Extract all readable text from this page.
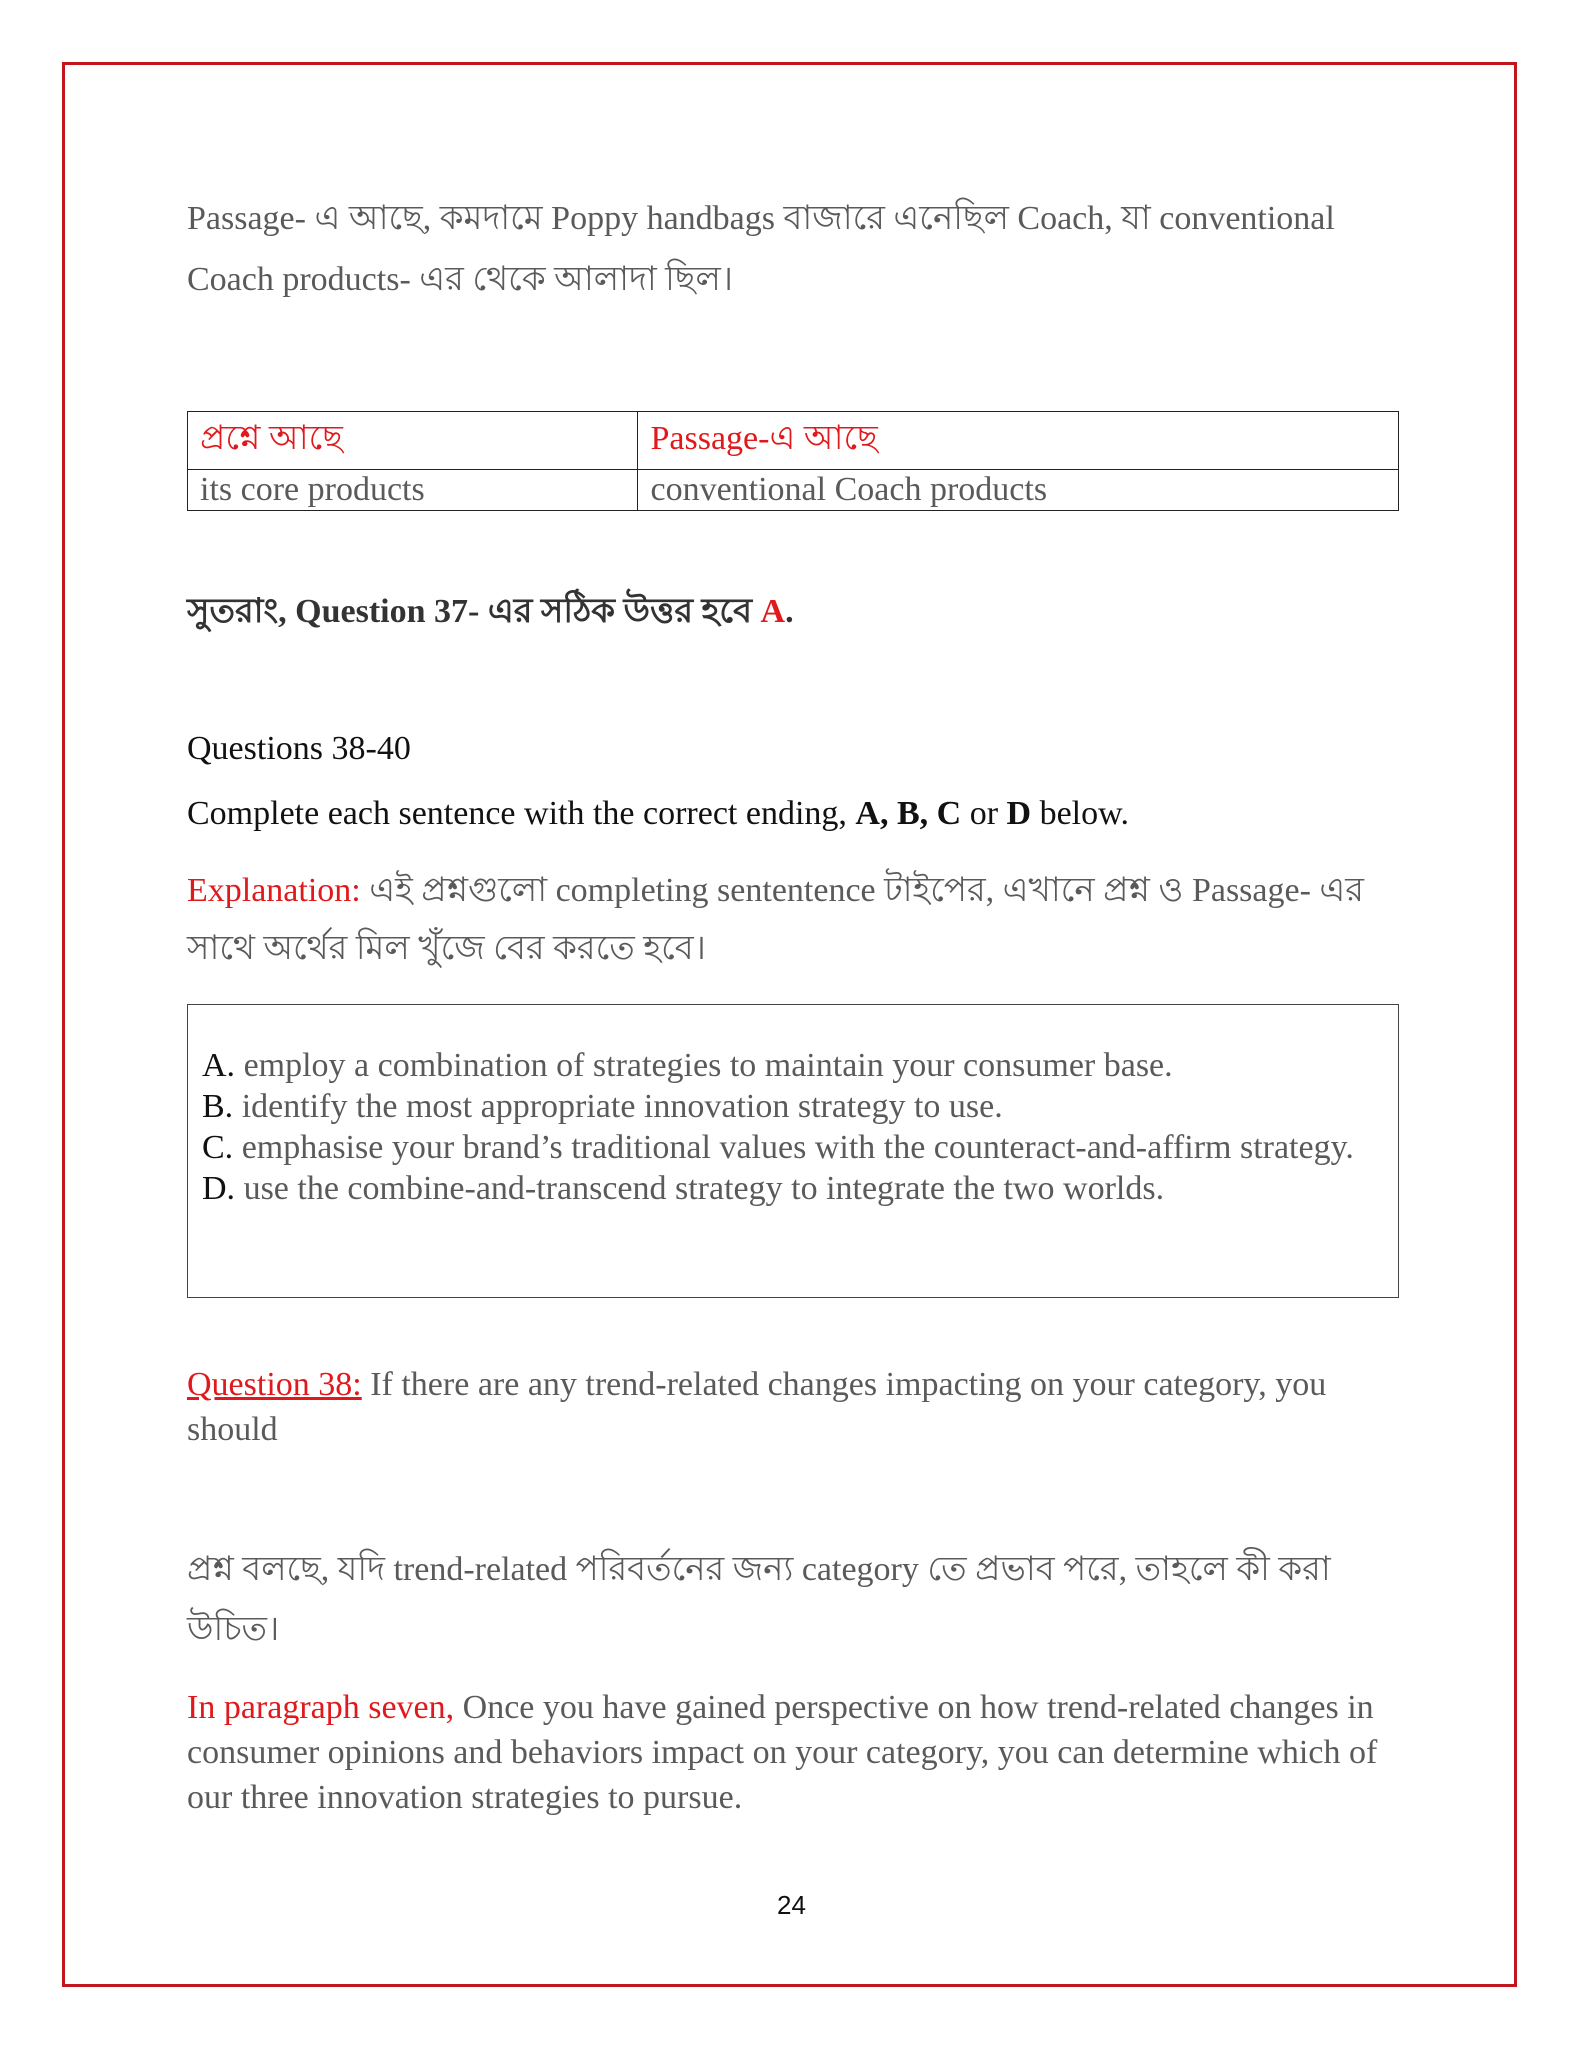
Passage- এ আছে, কমদামে Poppy handbags বাজারে এনেছিল Coach, যা conventional Coach products- এর থেকে আলাদা ছিল।

প্রশ্নে আছে	Passage-এ আছে
its core products	conventional Coach products
সুতরাং, Question 37- এর সঠিক উত্তর হবে A.
Questions 38-40
Complete each sentence with the correct ending, A, B, C or D below.
Explanation: এই প্রশ্নগুলো completing sententence টাইপের, এখানে প্রশ্ন ও Passage- এর সাথে অর্থের মিল খুঁজে বের করতে হবে।
A. employ a combination of strategies to maintain your consumer base.
B. identify the most appropriate innovation strategy to use.
C. emphasise your brand’s traditional values with the counteract-and-affirm strategy.
D. use the combine-and-transcend strategy to integrate the two worlds.
Question 38: If there are any trend-related changes impacting on your category, you should
প্রশ্ন বলছে, যদি trend-related পরিবর্তনের জন্য category তে প্রভাব পরে, তাহলে কী করা উচিত।
In paragraph seven, Once you have gained perspective on how trend-related changes in consumer opinions and behaviors impact on your category, you can determine which of our three innovation strategies to pursue.
24
